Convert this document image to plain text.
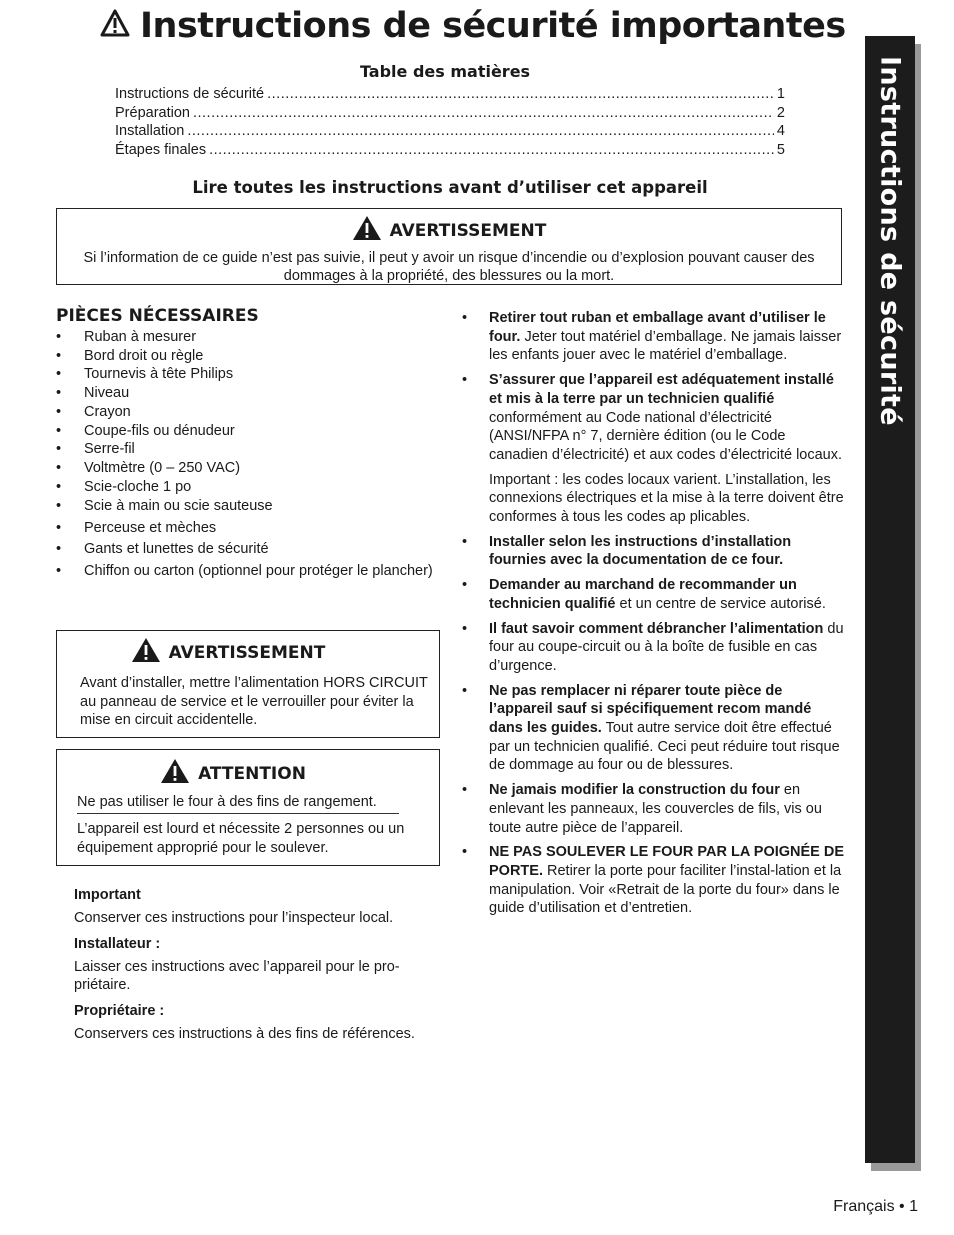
Instructions de sécurité importantes
Table des matières
Instructions de sécurité .....	1
Préparation .....	2
Installation .....	4
Étapes finales .....	5
Lire toutes les instructions avant d’utiliser cet appareil
AVERTISSEMENT
Si l’information de ce guide n’est pas suivie, il peut y avoir un risque d’incendie ou d’explosion pouvant causer des dommages à la propriété, des blessures ou la mort.
PIÈCES NÉCESSAIRES
• Ruban à mesurer
• Bord droit ou règle
• Tournevis à tête Philips
• Niveau
• Crayon
• Coupe-fils ou dénudeur
• Serre-fil
• Voltmètre (0 – 250 VAC)
• Scie-cloche 1 po
• Scie à main ou scie sauteuse
• Perceuse et mèches
• Gants et lunettes de sécurité
• Chiffon ou carton (optionnel pour protéger le plancher)
AVERTISSEMENT
Avant d’installer, mettre l’alimentation HORS CIRCUIT au panneau de service et le verrouiller pour éviter la mise en circuit accidentelle.
ATTENTION
Ne pas utiliser le four à des fins de rangement.
L’appareil est lourd et nécessite 2 personnes ou un équipement approprié pour le soulever.
Important
Conserver ces instructions pour l’inspecteur local.
Installateur :
Laisser ces instructions avec l’appareil pour le pro-priétaire.
Propriétaire :
Conservers ces instructions à des fins de références.
• Retirer tout ruban et emballage avant d’utiliser le four. Jeter tout matériel d’emballage. Ne jamais laisser les enfants jouer avec le matériel d’emballage.
• S’assurer que l’appareil est adéquatement installé et mis à la terre par un technicien qualifié conformément au Code national d’électricité (ANSI/NFPA n° 7, dernière édition (ou le Code canadien d’électricité) et aux codes d’électricité locaux.
Important : les codes locaux varient. L’installation, les connexions électriques et la mise à la terre doivent être conformes à tous les codes ap plicables.
• Installer selon les instructions d’installation fournies avec la documentation de ce four.
• Demander au marchand de recommander un technicien qualifié et un centre de service autorisé.
• Il faut savoir comment débrancher l’alimentation du four au coupe-circuit ou à la boîte de fusible en cas d’urgence.
• Ne pas remplacer ni réparer toute pièce de l’appareil sauf si spécifiquement recom mandé dans les guides. Tout autre service doit être effectué par un technicien qualifié. Ceci peut réduire tout risque de dommage au four ou de blessures.
• Ne jamais modifier la construction du four en enlevant les panneaux, les couvercles de fils, vis ou toute autre pièce de l’appareil.
• NE PAS SOULEVER LE FOUR PAR LA POIGNÉE DE PORTE. Retirer la porte pour faciliter l’instal-lation et la manipulation. Voir «Retrait de la porte du four» dans le guide d’utilisation et d’entretien.
Instructions de sécurité
Français • 1
